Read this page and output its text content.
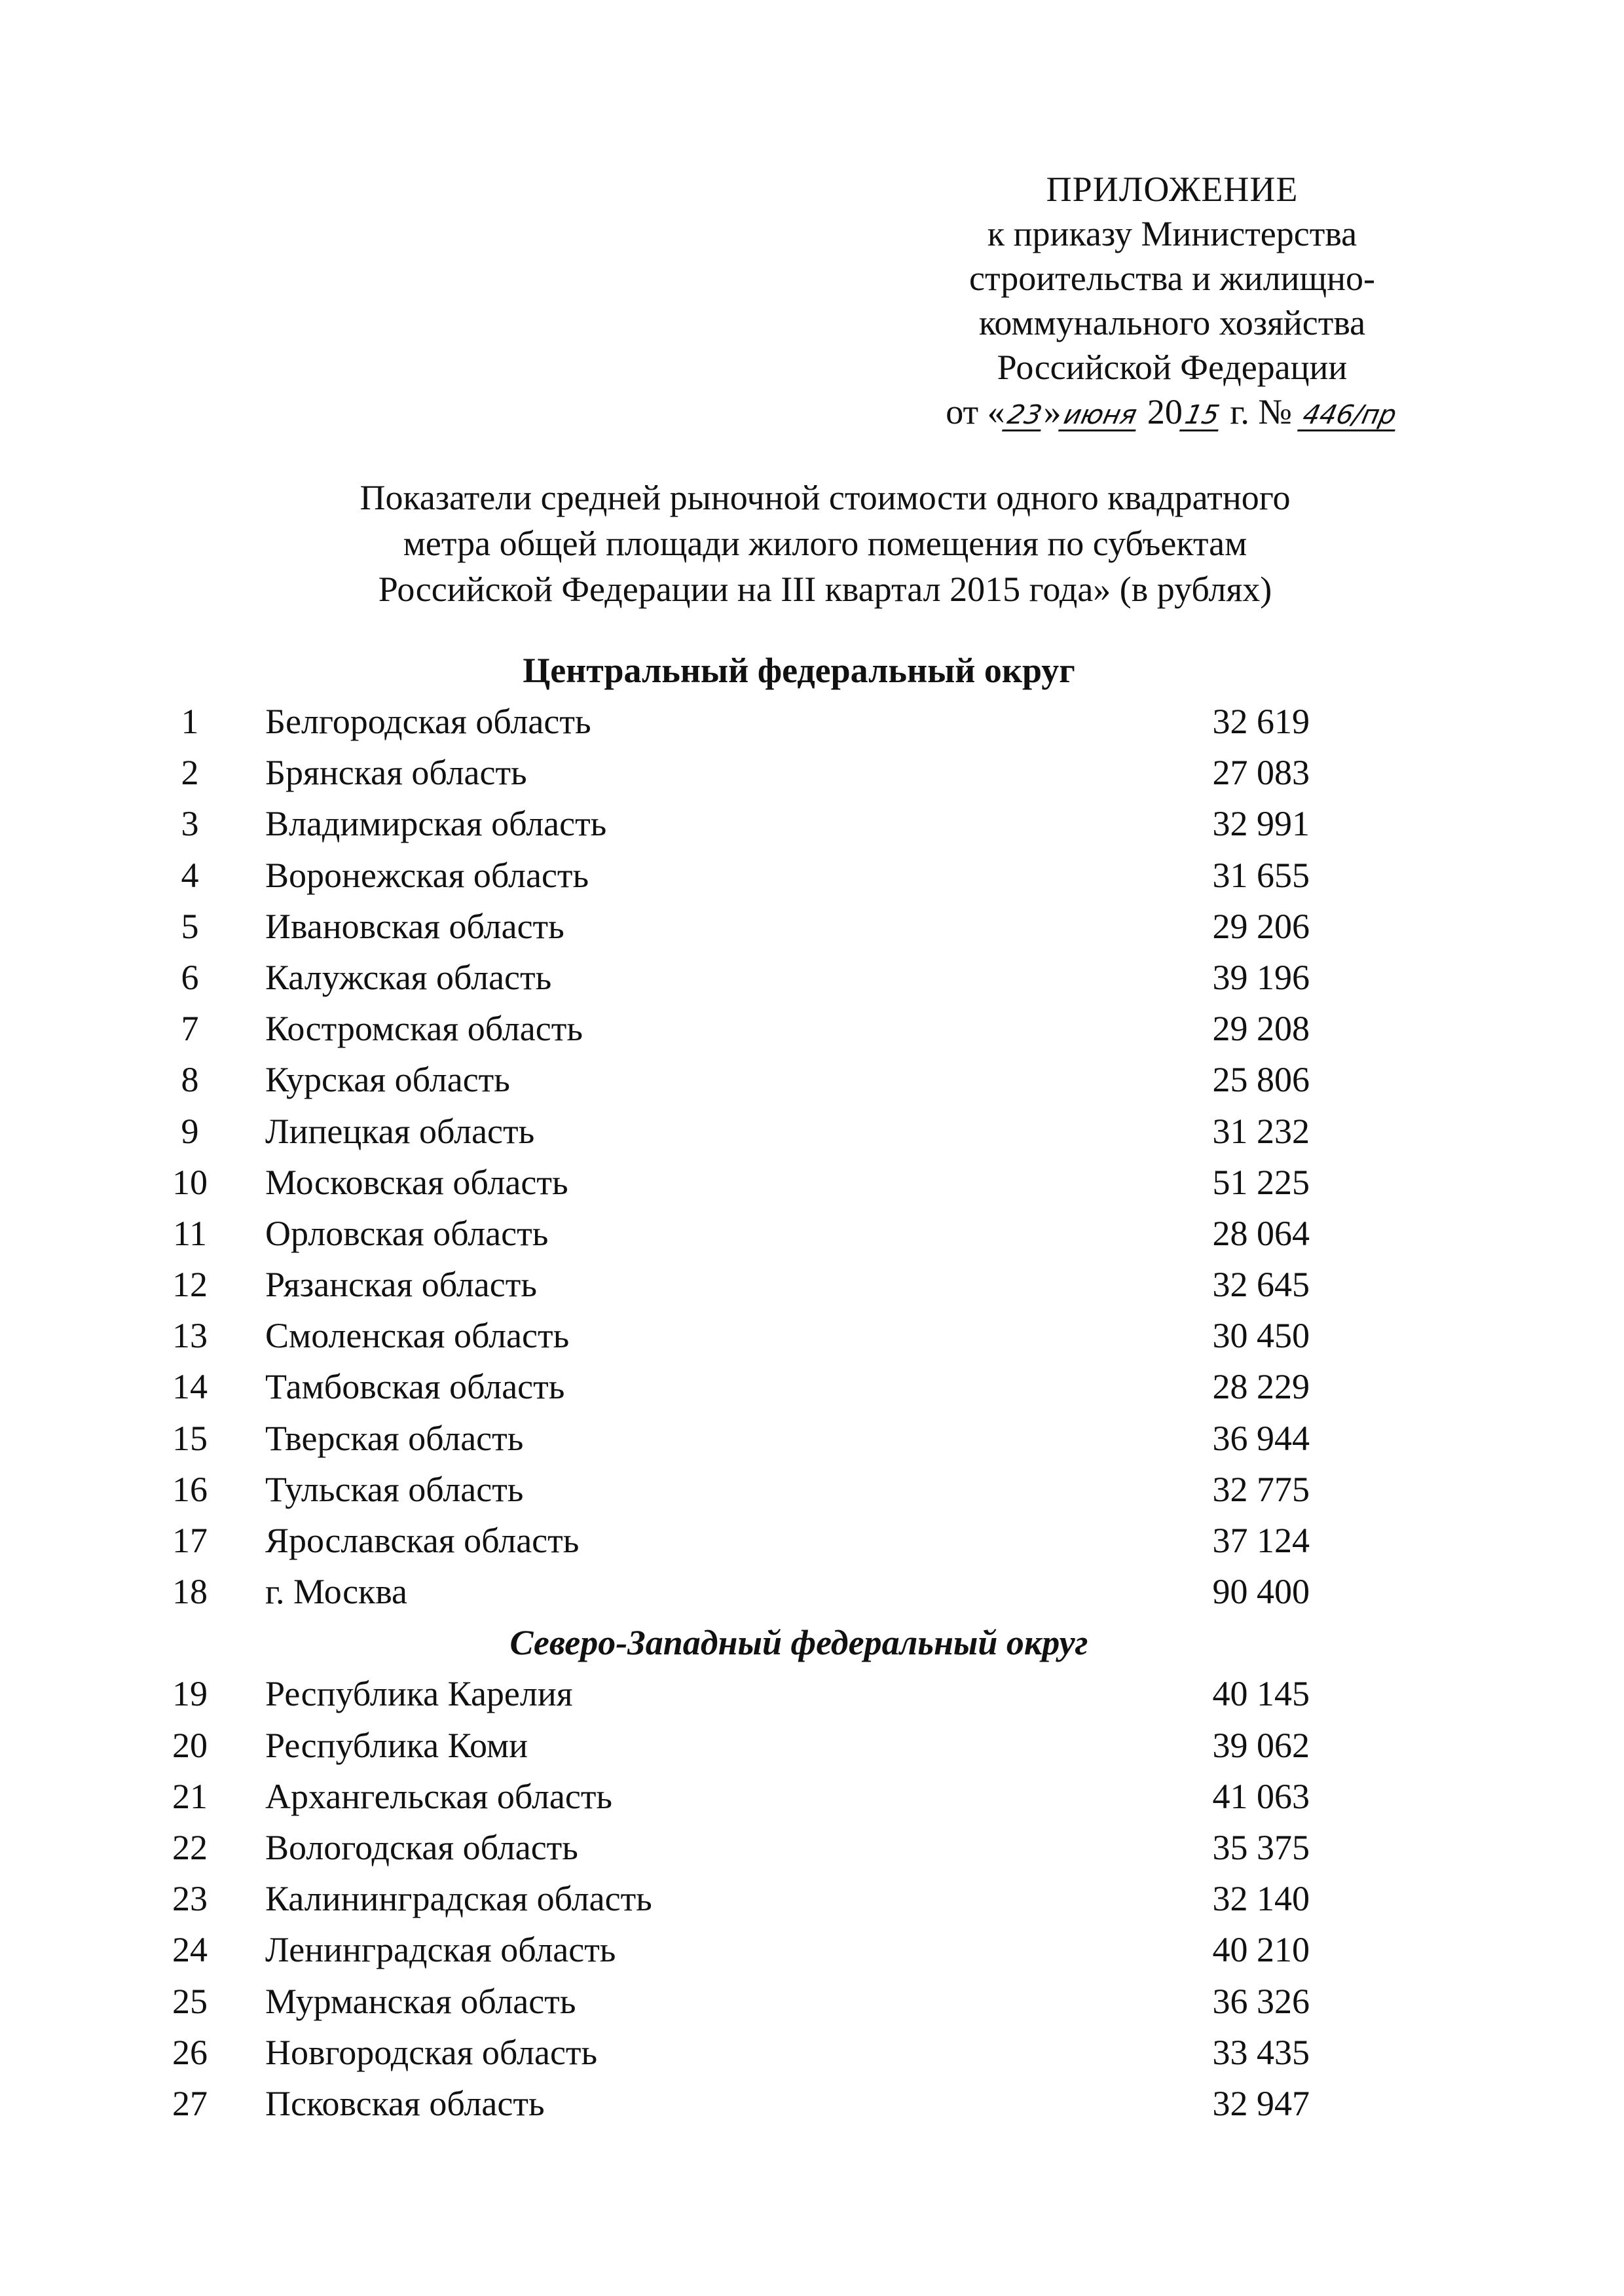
ПРИЛОЖЕНИЕ
к приказу Министерства
строительства и жилищно-
коммунального хозяйства
Российской Федерации
от «23»июня 2015 г. № 446/пр
Показатели средней рыночной стоимости одного квадратного
метра общей площади жилого помещения по субъектам
Российской Федерации на III квартал 2015 года» (в рублях)
Центральный федеральный округ
1	Белгородская область	32 619
2	Брянская область	27 083
3	Владимирская область	32 991
4	Воронежская область	31 655
5	Ивановская область	29 206
6	Калужская область	39 196
7	Костромская область	29 208
8	Курская область	25 806
9	Липецкая область	31 232
10	Московская область	51 225
11	Орловская область	28 064
12	Рязанская область	32 645
13	Смоленская область	30 450
14	Тамбовская область	28 229
15	Тверская область	36 944
16	Тульская область	32 775
17	Ярославская область	37 124
18	г. Москва	90 400
Северо-Западный федеральный округ
19	Республика Карелия	40 145
20	Республика Коми	39 062
21	Архангельская область	41 063
22	Вологодская область	35 375
23	Калининградская область	32 140
24	Ленинградская область	40 210
25	Мурманская область	36 326
26	Новгородская область	33 435
27	Псковская область	32 947
